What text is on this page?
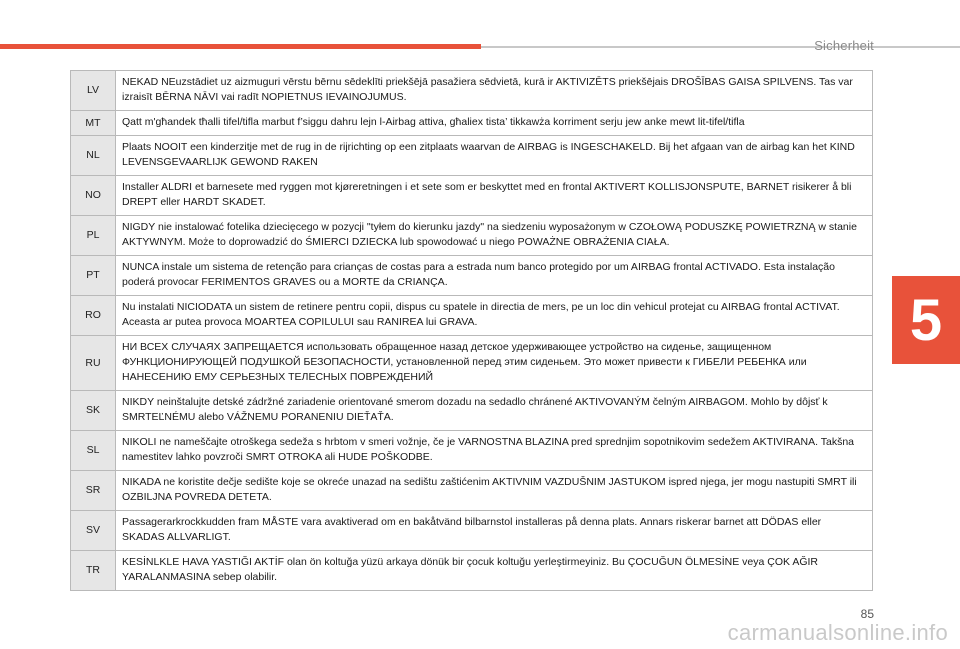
Sicherheit
5
LV	NEKAD NEuzstādiet uz aizmuguri vērstu bērnu sēdeklīti priekšējā pasažiera sēdvietā, kurā ir AKTIVIZĒTS priekšējais DROŠĪBAS GAISA SPILVENS. Tas var izraisīt BĒRNA NĀVI vai radīt NOPIETNUS IEVAINOJUMUS.
MT	Qatt m'għandek tħalli tifel/tifla marbut f’siggu dahru lejn l-Airbag attiva, għaliex tista’ tikkawża korriment serju jew anke mewt lit-tifel/tifla
NL	Plaats NOOIT een kinderzitje met de rug in de rijrichting op een zitplaats waarvan de AIRBAG is INGESCHAKELD. Bij het afgaan van de airbag kan het KIND LEVENSGEVAARLIJK GEWOND RAKEN
NO	Installer ALDRI et barnesete med ryggen mot kjøreretningen i et sete som er beskyttet med en frontal AKTIVERT KOLLISJONSPUTE, BARNET risikerer å bli DREPT eller HARDT SKADET.
PL	NIGDY nie instalować fotelika dziecięcego w pozycji "tyłem do kierunku jazdy" na siedzeniu wyposażonym w CZOŁOWĄ PODUSZKĘ POWIETRZNĄ w stanie AKTYWNYM. Może to doprowadzić do ŚMIERCI DZIECKA lub spowodować u niego POWAŻNE OBRAŻENIA CIAŁA.
PT	NUNCA instale um sistema de retenção para crianças de costas para a estrada num banco protegido por um AIRBAG frontal ACTIVADO. Esta instalação poderá provocar FERIMENTOS GRAVES ou a MORTE da CRIANÇA.
RO	Nu instalati NICIODATA un sistem de retinere pentru copii, dispus cu spatele in directia de mers, pe un loc din vehicul protejat cu AIRBAG frontal ACTIVAT. Aceasta ar putea provoca MOARTEA COPILULUI sau RANIREA lui GRAVA.
RU	НИ ВСЕХ СЛУЧАЯХ ЗАПРЕЩАЕТСЯ использовать обращенное назад детское удерживающее устройство на сиденье, защищенном ФУНКЦИОНИРУЮЩЕЙ ПОДУШКОЙ БЕЗОПАСНОСТИ, установленной перед этим сиденьем. Это может привести к ГИБЕЛИ РЕБЕНКА или НАНЕСЕНИЮ ЕМУ СЕРЬЕЗНЫХ ТЕЛЕСНЫХ ПОВРЕЖДЕНИЙ
SK	NIKDY neinštalujte detské zádržné zariadenie orientované smerom dozadu na sedadlo chránené AKTIVOVANÝM čelným AIRBAGOM. Mohlo by dôjsť k SMRTEĽNÉMU alebo VÁŽNEMU PORANENIU DIEŤAŤA.
SL	NIKOLI ne nameščajte otroškega sedeža s hrbtom v smeri vožnje, če je VARNOSTNA BLAZINA pred sprednjim sopotnikovim sedežem AKTIVIRANA. Takšna namestitev lahko povzroči SMRT OTROKA ali HUDE POŠKODBE.
SR	NIKADA ne koristite dečje sedište koje se okreće unazad na sedištu zaštićenim AKTIVNIM VAZDUŠNIM JASTUKOM ispred njega, jer mogu nastupiti SMRT ili OZBILJNA POVREDA DETETA.
SV	Passagerarkrockkudden fram MÅSTE vara avaktiverad om en bakåtvänd bilbarnstol installeras på denna plats. Annars riskerar barnet att DÖDAS eller SKADAS ALLVARLIGT.
TR	KESİNLKLE HAVA YASTIĞI AKTİF olan ön koltuğa yüzü arkaya dönük bir çocuk koltuğu yerleştirmeyiniz. Bu ÇOCUĞUN ÖLMESİNE veya ÇOK AĞIR YARALANMASINA sebep olabilir.
85
carmanualsonline.info
